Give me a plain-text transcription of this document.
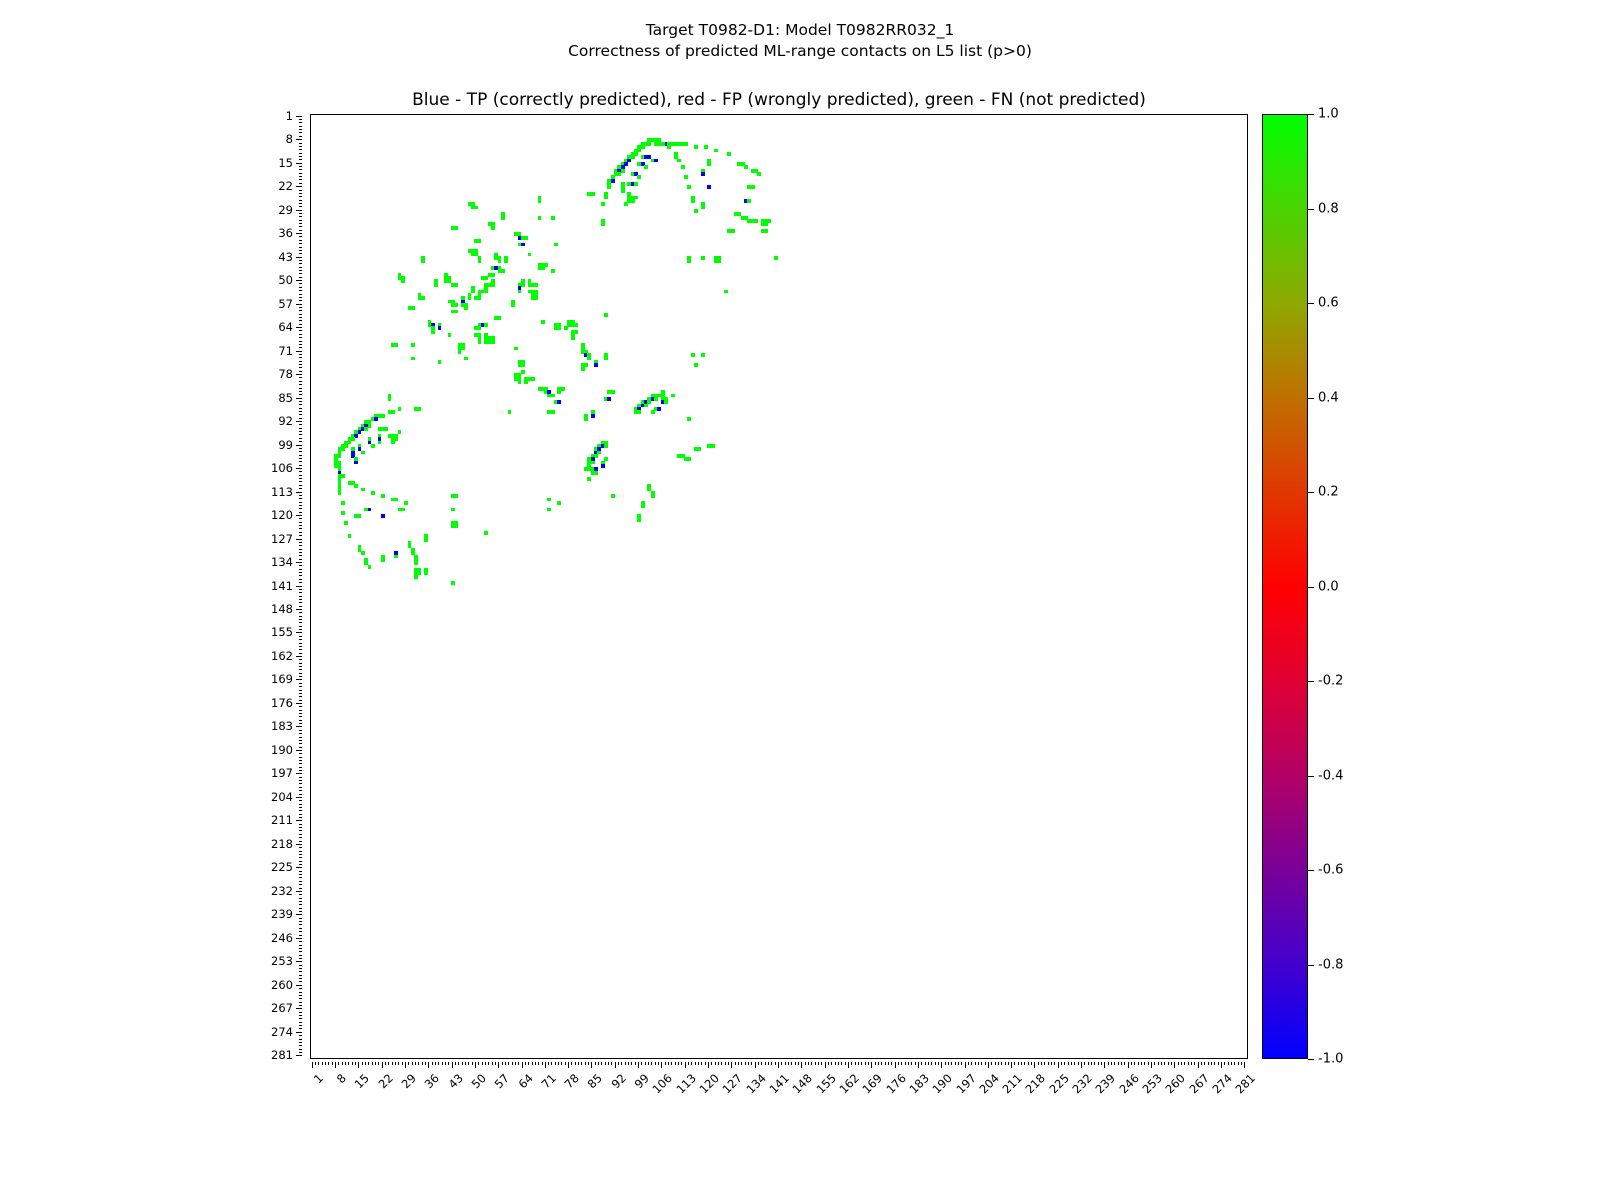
Target T0982-D1: Model T0982RR032_1
Correctness of predicted ML-range contacts on L5 list (p>0)
Blue - TP (correctly predicted), red - FP (wrongly predicted), green - FN (not predicted)
1
8
15
22
29
36
43
50
57
64
71
78
85
92
99
106
113
120
127
134
141
148
155
162
169
176
183
190
197
204
211
218
225
232
239
246
253
260
267
274
281
1 8 15 22 29 36 43 50 57 64 71 78 85 92 99
106
113
120
127
134
141
148
155
162
169
176
183
190
197
204
211
218
225
232
239
246
253
260
267
274
281
1.0
0.8
0.6
0.4
0.2
0.0
-0.2
-0.4
-0.6
-0.8
-1.0
